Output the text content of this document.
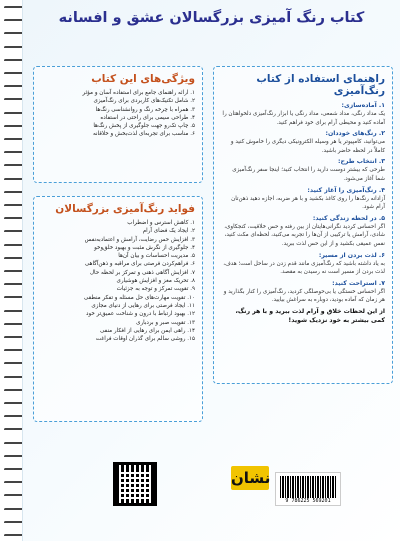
کتاب رنگ آمیزی بزرگسالان عشق و افسانه
راهنمای استفاده از کتاب رنگ‌آمیزی
۱. آماده‌سازی:
یک مداد رنگی، مداد شمعی، مداد رنگی یا ابزار رنگ‌آمیزی دلخواهتان را آماده کنید و محیطی آرام برای خود فراهم کنید.
۲. رنگ‌های خوددان:
می‌توانید، کامپیوتر یا هر وسیله الکترونیکی دیگری را خاموش کنید و کاملاً در لحظه حاضر باشید.
۳. انتخاب طرح:
طرحی که بیشتر دوست دارید را انتخاب کنید؛ اینجا سفر رنگ‌آمیزی شما آغاز می‌شود.
۴. رنگ‌آمیزی را آغاز کنید:
آزادانه رنگ‌ها را روی کاغذ بکشید و با هر ضربه، اجازه دهید ذهن‌تان آرام شود.
۵. در لحظه زندگی کنید:
اگر احساس کردید نگرانی‌هایتان از بین رفته و حس خلاقیت، کنجکاوی، شادی، آرامش یا ترکیبی از آن‌ها را تجربه می‌کنید، لحظه‌ای مکث کنید، نفس عمیقی بکشید و از این حس لذت ببرید.
۶. لذت بردن از مسیر:
به یاد داشته باشید که رنگ‌آمیزی مانند قدم زدن در ساحل است؛ هدف، لذت بردن از مسیر است نه رسیدن به مقصد.
۷. استراحت کنید:
اگر احساس خستگی یا بی‌حوصلگی کردید، رنگ‌آمیزی را کنار بگذارید و هر زمان که آماده بودید، دوباره به سراغش بیایید.
از این لحظات خلاق و آرام لذت ببرید و با هر رنگ، کمی بیشتر به خود نزدیک شوید!
ویژگی‌های این کتاب
۱. ارائه راهنمای جامع برای استفاده آسان و مؤثر
۲. شامل تکنیک‌های کاربردی برای رنگ‌آمیزی
۳. همراه با چرخه رنگ و روانشناسی رنگ‌ها
۴. طراحی سیمی برای راحتی در استفاده
۵. چاپ تک‌رو جهت جلوگیری از پخش رنگ‌ها
۶. مناسب برای تجربه‌ای لذت‌بخش و خلاقانه
فواید رنگ‌آمیزی بزرگسالان
۱. کاهش استرس و اضطراب
۲. ایجاد یک فضای آرام
۳. افزایش حس رضایت، آرامش و اعتماد‌به‌نفس
۴. جلوگیری از نگرش مثبت و بهبود خلق‌وخو
۵. مدیریت احساسات و بیان آن‌ها
۶. فراهم‌کردن فرصتی برای مراقبه و ذهن‌آگاهی
۷. افزایش آگاهی ذهنی و تمرکز بر لحظه حال
۸. تحریک مغز و افزایش هوشیاری
۹. تقویت تمرکز و توجه به جزئیات
۱۰. تقویت مهارت‌های حل مسئله و تفکر منطقی
۱۱. ایجاد فرصتی برای رهایی از دنیای مجازی
۱۲. بهبود ارتباط با درون و شناخت عمیق‌تر خود
۱۳. تقویت صبر و بردباری
۱۴. راهی ایمن برای رهایی از افکار منفی
۱۵. روشی سالم برای گذران اوقات فراغت
نشان
9 786225 569201
